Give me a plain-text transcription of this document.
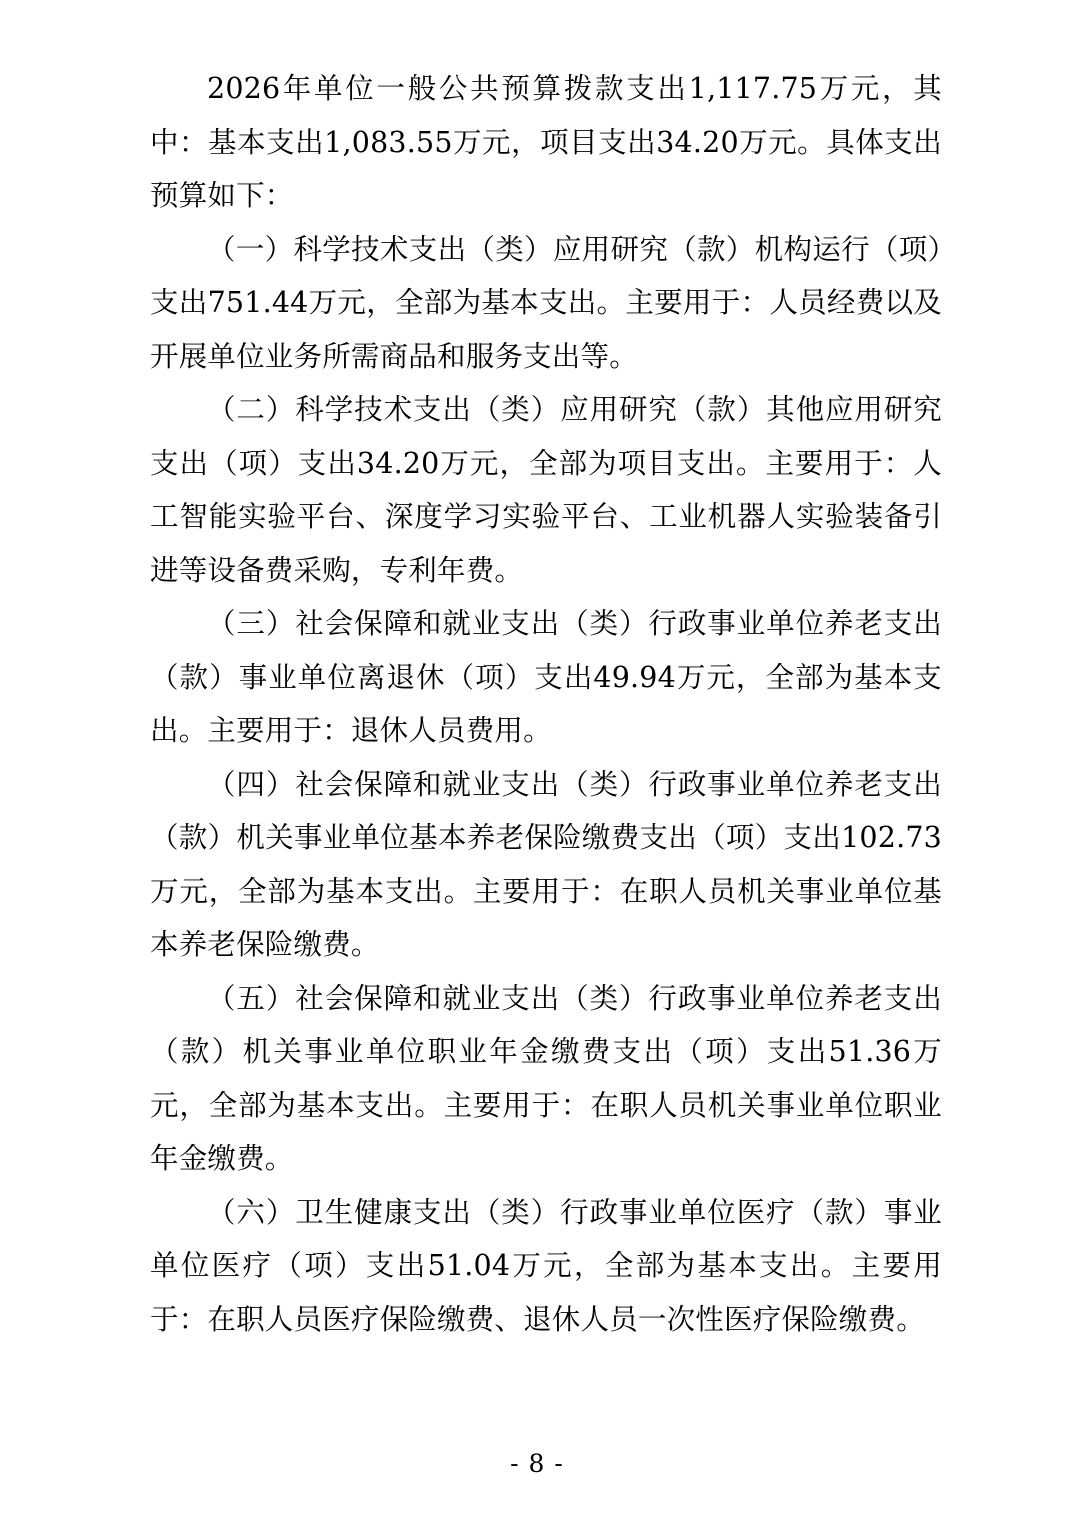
2026年单位一般公共预算拨款支出1,117.75万元，其中：基本支出1,083.55万元，项目支出34.20万元。具体支出预算如下：

（一）科学技术支出（类）应用研究（款）机构运行（项）支出751.44万元，全部为基本支出。主要用于：人员经费以及开展单位业务所需商品和服务支出等。

（二）科学技术支出（类）应用研究（款）其他应用研究支出（项）支出34.20万元，全部为项目支出。主要用于：人工智能实验平台、深度学习实验平台、工业机器人实验装备引进等设备费采购，专利年费。

（三）社会保障和就业支出（类）行政事业单位养老支出（款）事业单位离退休（项）支出49.94万元，全部为基本支出。主要用于：退休人员费用。

（四）社会保障和就业支出（类）行政事业单位养老支出（款）机关事业单位基本养老保险缴费支出（项）支出102.73万元，全部为基本支出。主要用于：在职人员机关事业单位基本养老保险缴费。

（五）社会保障和就业支出（类）行政事业单位养老支出（款）机关事业单位职业年金缴费支出（项）支出51.36万元，全部为基本支出。主要用于：在职人员机关事业单位职业年金缴费。

（六）卫生健康支出（类）行政事业单位医疗（款）事业单位医疗（项）支出51.04万元，全部为基本支出。主要用于：在职人员医疗保险缴费、退休人员一次性医疗保险缴费。

- 8 -
